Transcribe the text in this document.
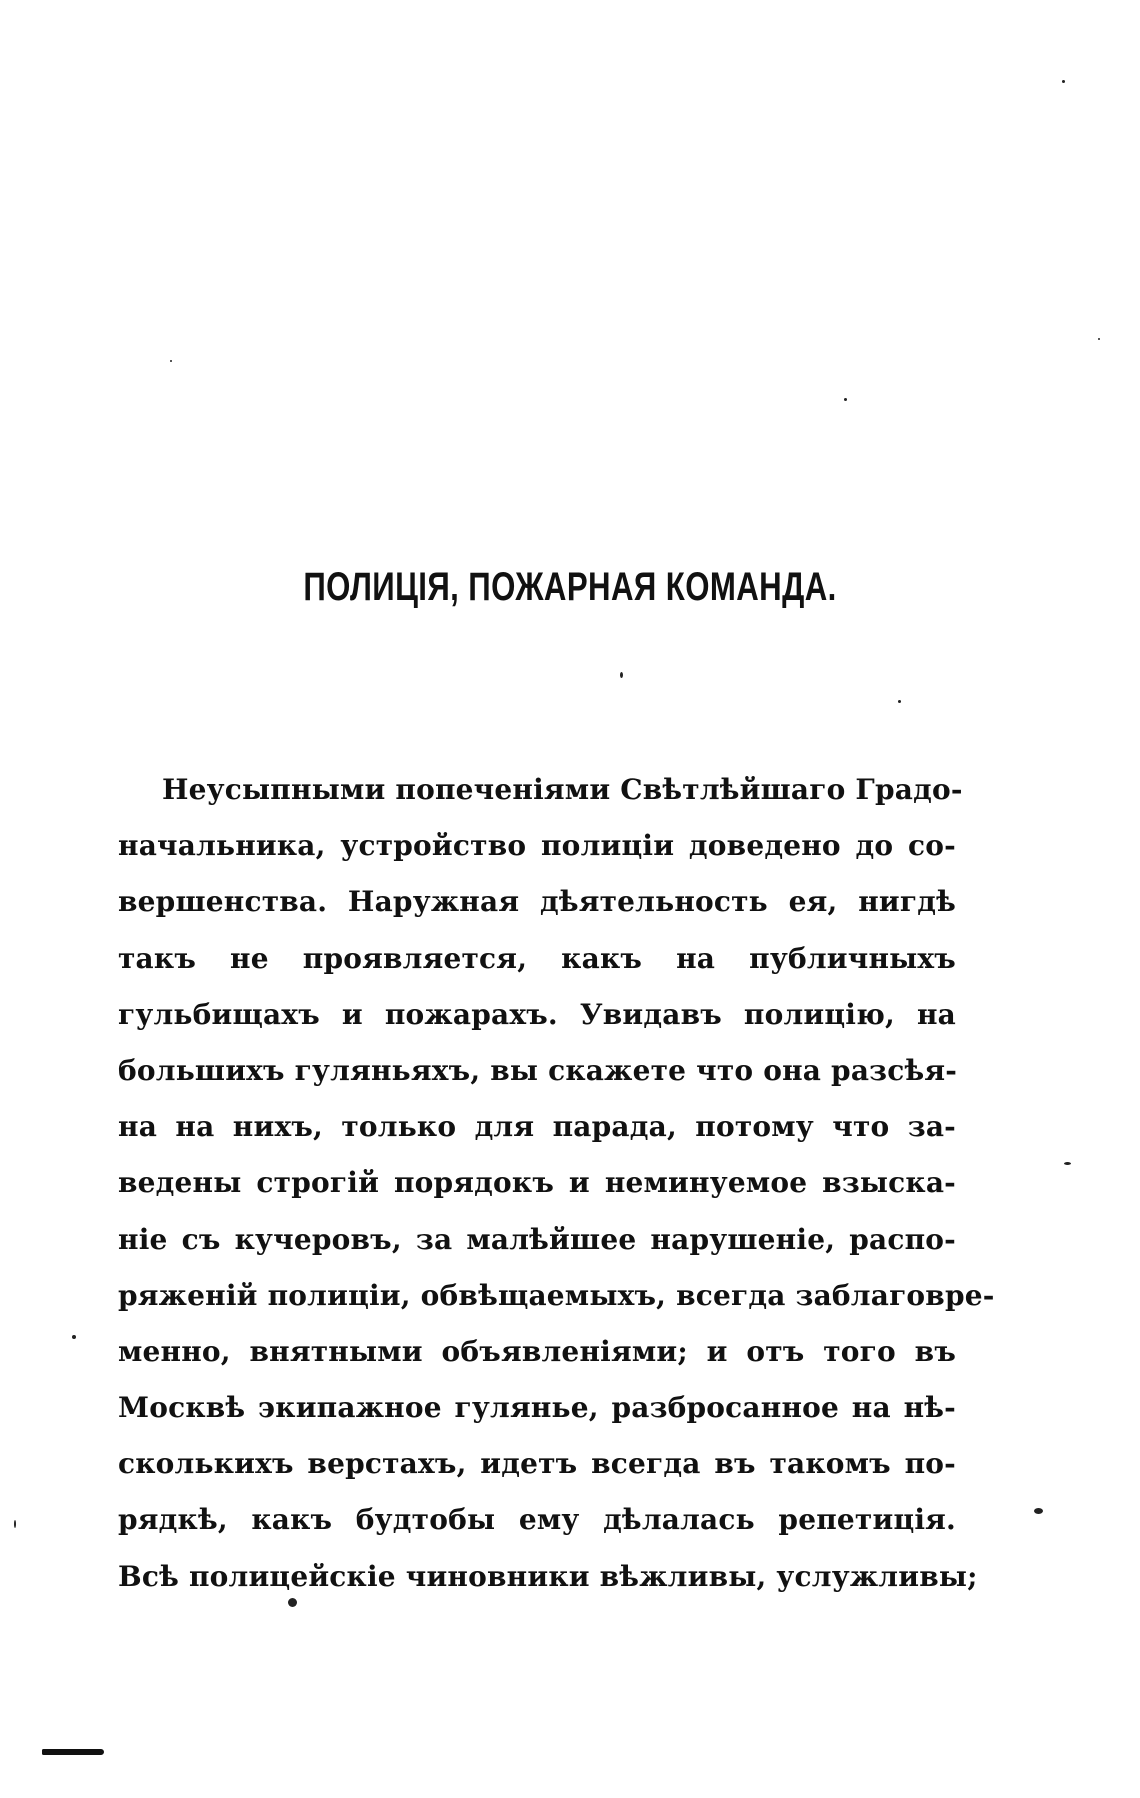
ПОЛИЦІЯ, ПОЖАРНАЯ КОМАНДА.
Неусыпными попеченіями Свѣтлѣйшаго Градо-
начальника, устройство полиціи доведено до со-
вершенства. Наружная дѣятельность ея, нигдѣ
такъ не проявляется, какъ на публичныхъ
гульбищахъ и пожарахъ. Увидавъ полицію, на
большихъ гуляньяхъ, вы скажете что она разсѣя-
на на нихъ, только для парада, потому что за-
ведены строгій порядокъ и неминуемое взыска-
ніе съ кучеровъ, за малѣйшее нарушеніе, распо-
ряженій полиціи, обвѣщаемыхъ, всегда заблаговре-
менно, внятными объявленіями; и отъ того въ
Москвѣ экипажное гулянье, разбросанное на нѣ-
сколькихъ верстахъ, идетъ всегда въ такомъ по-
рядкѣ, какъ будтобы ему дѣлалась репетиція.
Всѣ полицейскіе чиновники вѣжливы, услужливы;
